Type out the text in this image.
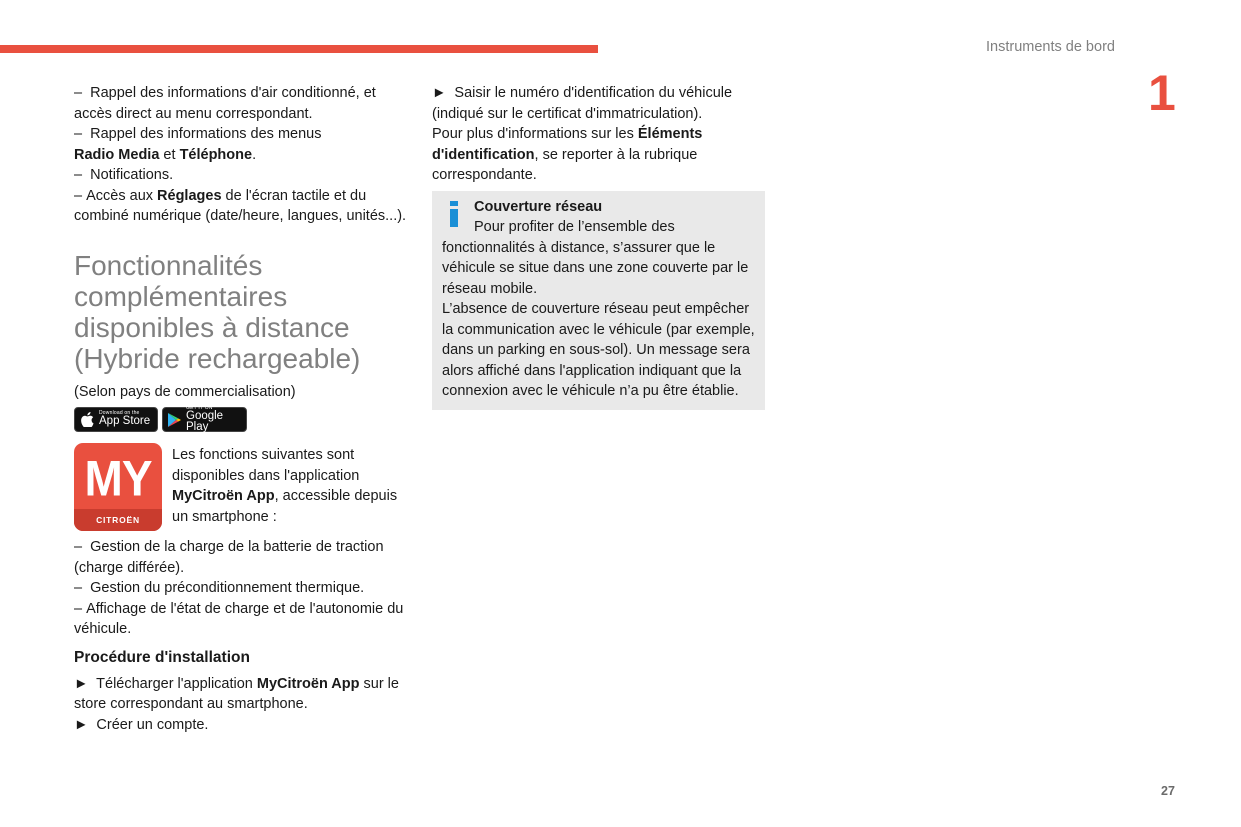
Instruments de bord
1
– Rappel des informations d'air conditionné, et accès direct au menu correspondant.
– Rappel des informations des menus
Radio Media et Téléphone.
– Notifications.
– Accès aux Réglages de l'écran tactile et du combiné numérique (date/heure, langues, unités...).
Fonctionnalités complémentaires disponibles à distance (Hybride rechargeable)
(Selon pays de commercialisation)
Download on the
App Store
GET IT ON
Google Play
MY
CITROËN
Les fonctions suivantes sont disponibles dans l'application MyCitroën App, accessible depuis un smartphone :
–  Gestion de la charge de la batterie de traction (charge différée).
–  Gestion du préconditionnement thermique.
– Affichage de l'état de charge et de l'autonomie du véhicule.
Procédure d'installation
► Télécharger l'application MyCitroën App sur le store correspondant au smartphone.
► Créer un compte.
► Saisir le numéro d'identification du véhicule (indiqué sur le certificat d'immatriculation).
Pour plus d'informations sur les Éléments d'identification, se reporter à la rubrique correspondante.
Couverture réseau
Pour profiter de l’ensemble des
fonctionnalités à distance, s’assurer que le véhicule se situe dans une zone couverte par le réseau mobile.
L’absence de couverture réseau peut empêcher la communication avec le véhicule (par exemple, dans un parking en sous-sol). Un message sera alors affiché dans l'application indiquant que la connexion avec le véhicule n’a pu être établie.
27
